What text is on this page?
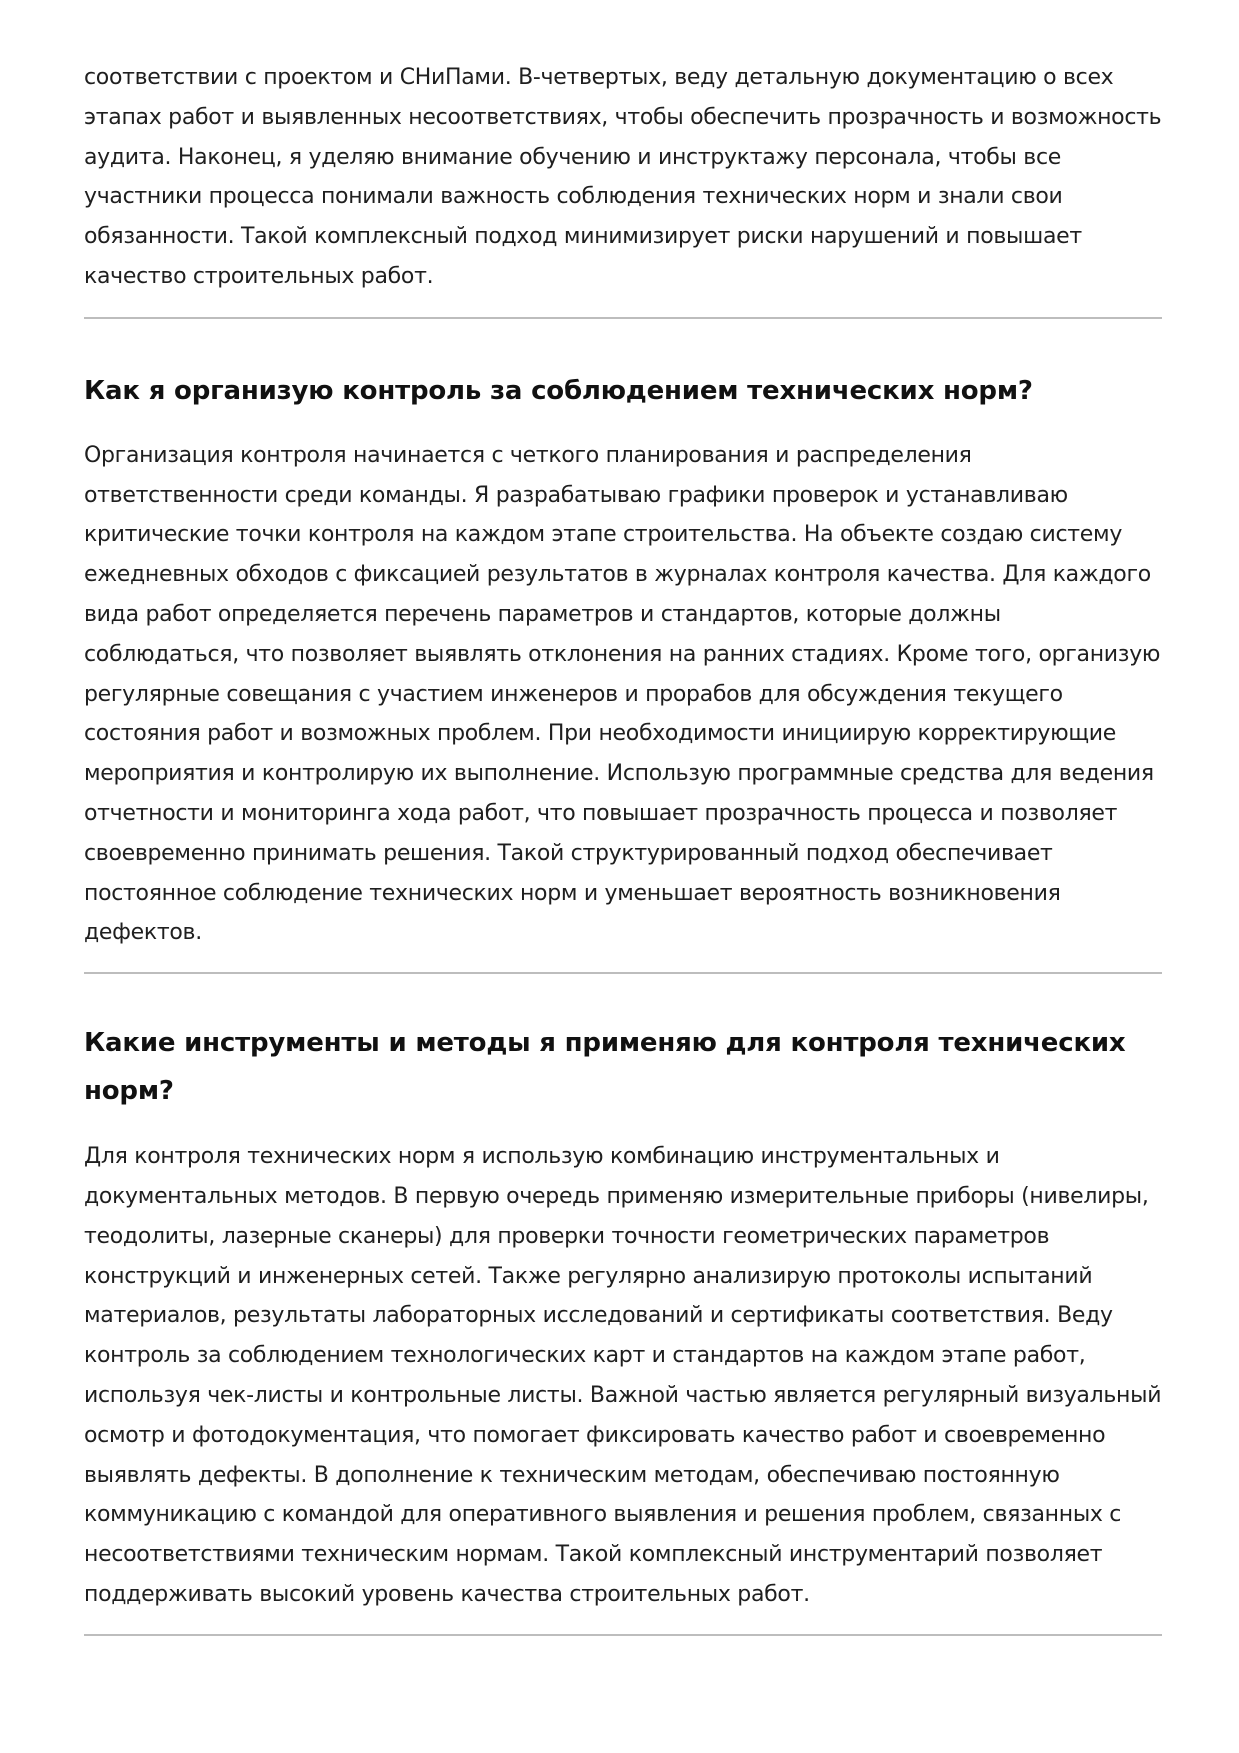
соответствии с проектом и СНиПами. В-четвертых, веду детальную документацию о всех этапах работ и выявленных несоответствиях, чтобы обеспечить прозрачность и возможность аудита. Наконец, я уделяю внимание обучению и инструктажу персонала, чтобы все участники процесса понимали важность соблюдения технических норм и знали свои обязанности. Такой комплексный подход минимизирует риски нарушений и повышает качество строительных работ.

Как я организую контроль за соблюдением технических норм?

Организация контроля начинается с четкого планирования и распределения ответственности среди команды. Я разрабатываю графики проверок и устанавливаю критические точки контроля на каждом этапе строительства. На объекте создаю систему ежедневных обходов с фиксацией результатов в журналах контроля качества. Для каждого вида работ определяется перечень параметров и стандартов, которые должны соблюдаться, что позволяет выявлять отклонения на ранних стадиях. Кроме того, организую регулярные совещания с участием инженеров и прорабов для обсуждения текущего состояния работ и возможных проблем. При необходимости инициирую корректирующие мероприятия и контролирую их выполнение. Использую программные средства для ведения отчетности и мониторинга хода работ, что повышает прозрачность процесса и позволяет своевременно принимать решения. Такой структурированный подход обеспечивает постоянное соблюдение технических норм и уменьшает вероятность возникновения дефектов.

Какие инструменты и методы я применяю для контроля технических норм?

Для контроля технических норм я использую комбинацию инструментальных и документальных методов. В первую очередь применяю измерительные приборы (нивелиры, теодолиты, лазерные сканеры) для проверки точности геометрических параметров конструкций и инженерных сетей. Также регулярно анализирую протоколы испытаний материалов, результаты лабораторных исследований и сертификаты соответствия. Веду контроль за соблюдением технологических карт и стандартов на каждом этапе работ, используя чек-листы и контрольные листы. Важной частью является регулярный визуальный осмотр и фотодокументация, что помогает фиксировать качество работ и своевременно выявлять дефекты. В дополнение к техническим методам, обеспечиваю постоянную коммуникацию с командой для оперативного выявления и решения проблем, связанных с несоответствиями техническим нормам. Такой комплексный инструментарий позволяет поддерживать высокий уровень качества строительных работ.
